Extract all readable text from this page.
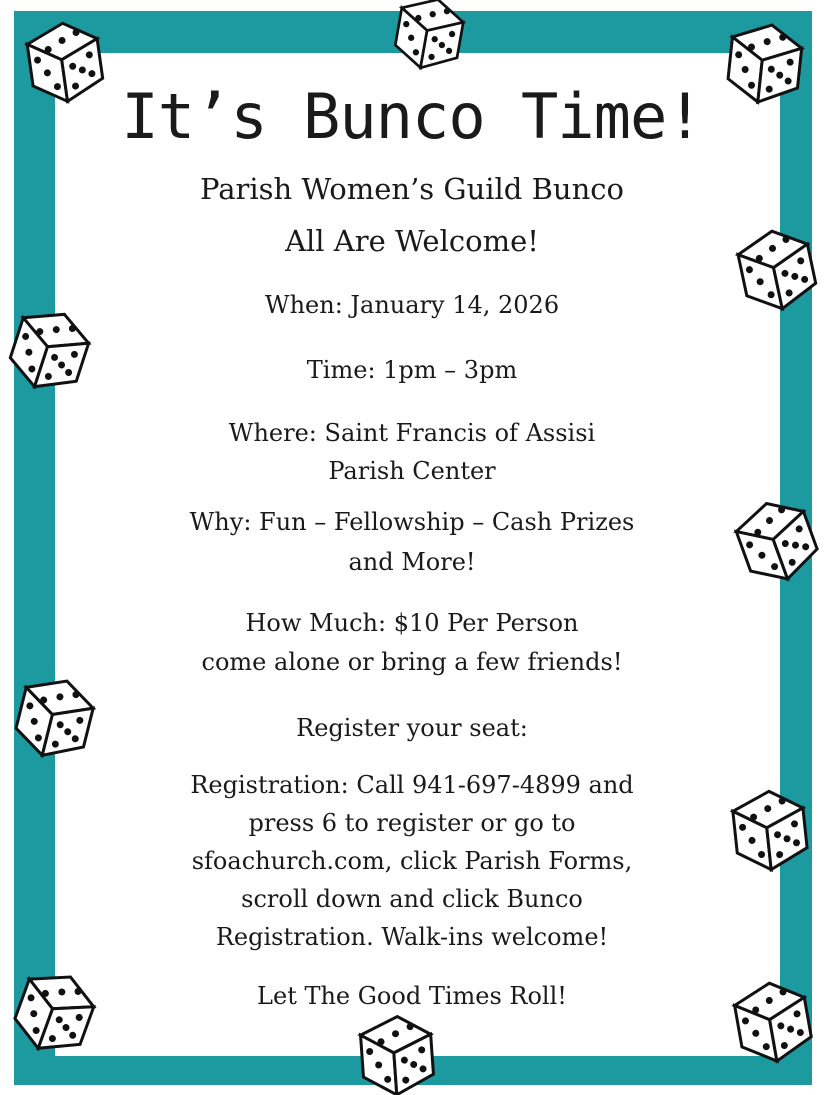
It’s Bunco Time!
Parish Women’s Guild Bunco
All Are Welcome!
When: January 14, 2026
Time: 1pm – 3pm
Where: Saint Francis of Assisi
Parish Center
Why: Fun – Fellowship – Cash Prizes
and More!
How Much: $10 Per Person
come alone or bring a few friends!
Register your seat:
Registration: Call 941-697-4899 and
press 6 to register or go to
sfoachurch.com, click Parish Forms,
scroll down and click Bunco
Registration. Walk-ins welcome!
Let The Good Times Roll!
